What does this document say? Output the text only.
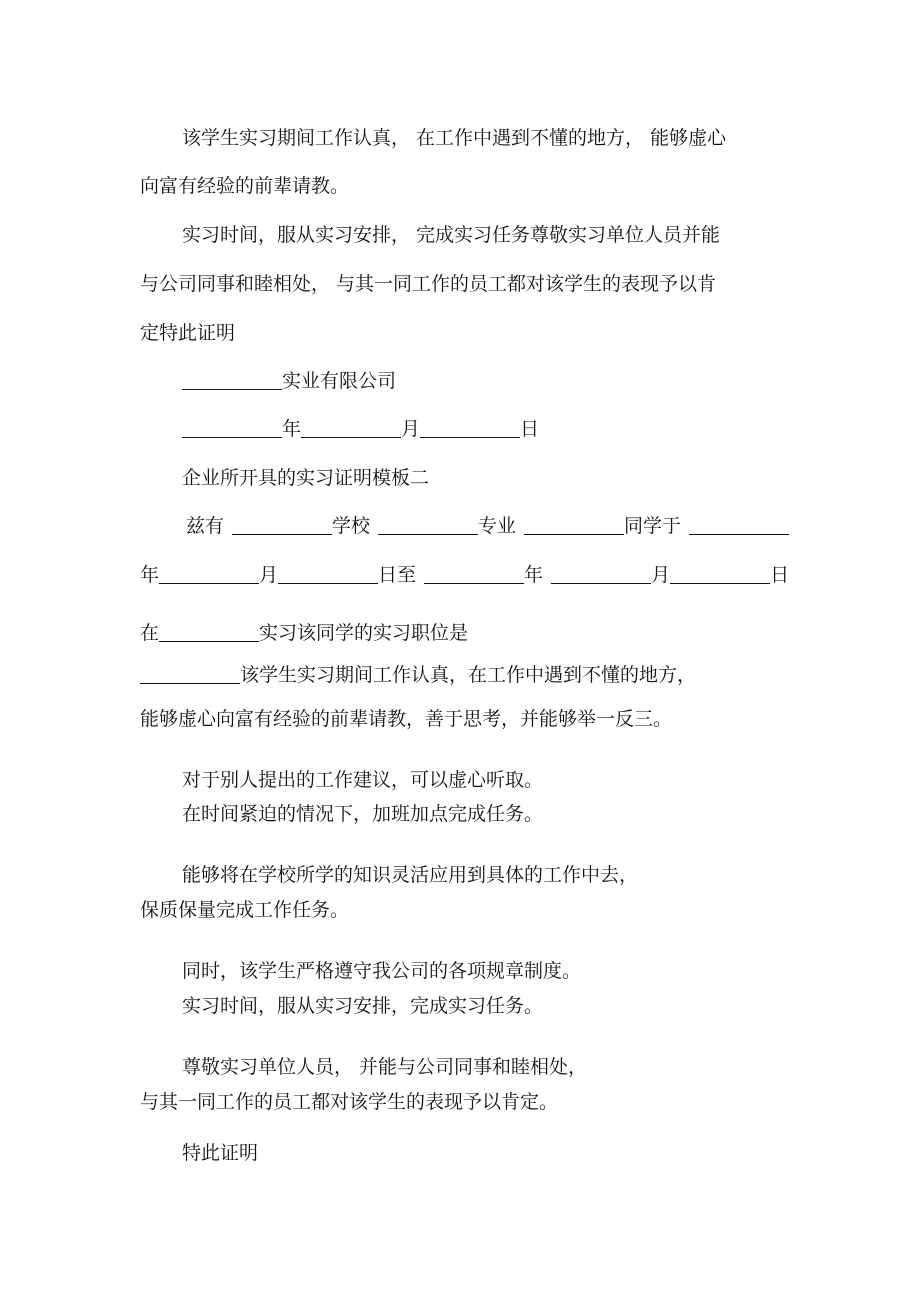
该学生实习期间工作认真， 在工作中遇到不懂的地方， 能够虚心
向富有经验的前辈请教。
实习时间，服从实习安排， 完成实习任务尊敬实习单位人员并能
与公司同事和睦相处， 与其一同工作的员工都对该学生的表现予以肯
定特此证明
实业有限公司
年	月	日
企业所开具的实习证明模板二
兹有	学校	专业	同学于
年	月	日至	年	月	日
在	实习该同学的实习职位是
该学生实习期间工作认真，在工作中遇到不懂的地方，
能够虚心向富有经验的前辈请教，善于思考，并能够举一反三。
对于别人提出的工作建议，可以虚心听取。
在时间紧迫的情况下，加班加点完成任务。
能够将在学校所学的知识灵活应用到具体的工作中去，
保质保量完成工作任务。
同时，该学生严格遵守我公司的各项规章制度。
实习时间，服从实习安排，完成实习任务。
尊敬实习单位人员， 并能与公司同事和睦相处，
与其一同工作的员工都对该学生的表现予以肯定。
特此证明
